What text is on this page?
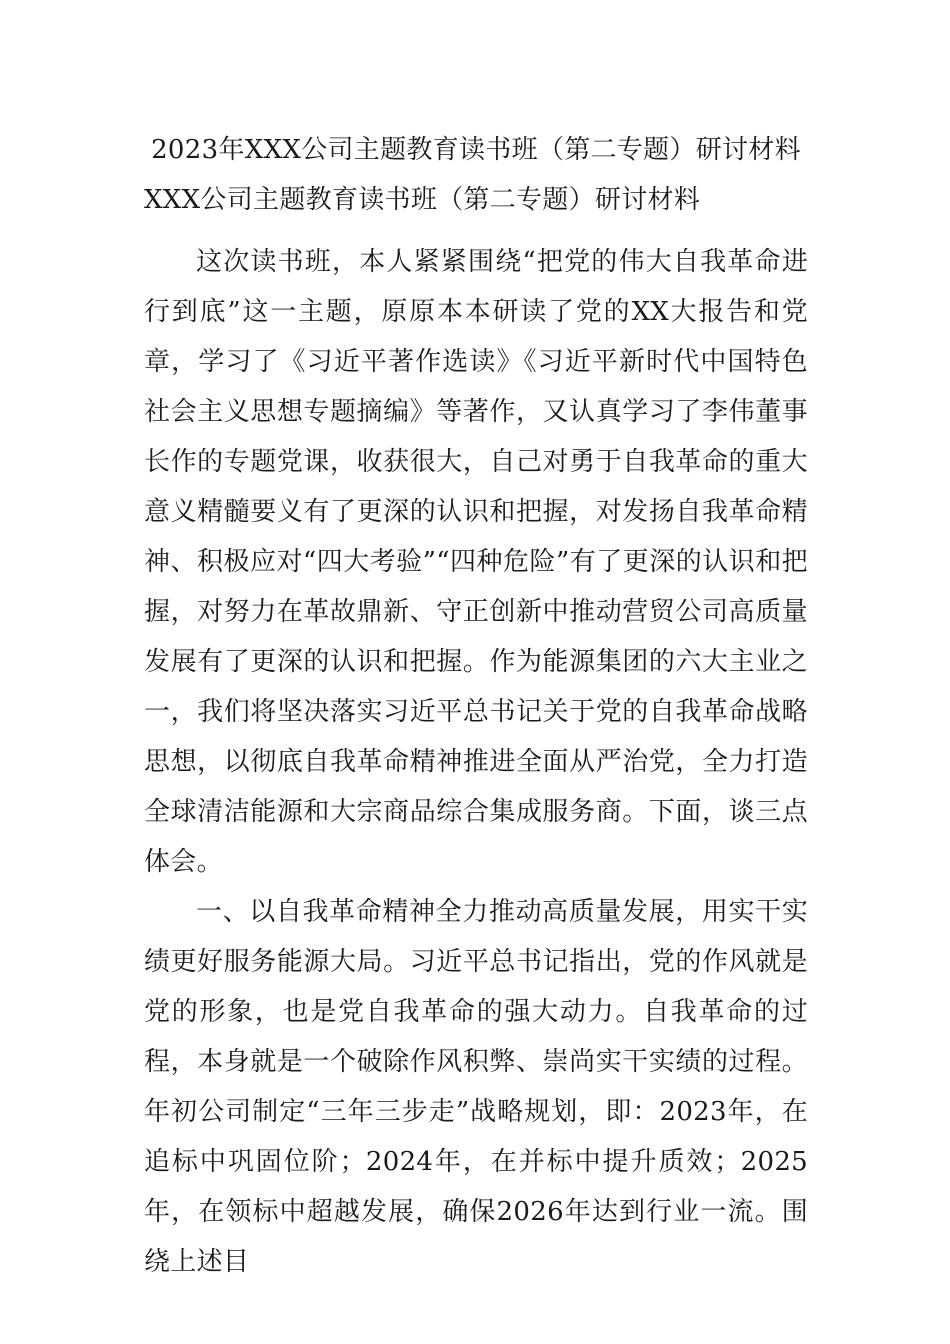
2023年XXX公司主题教育读书班（第二专题）研讨材料
XXX公司主题教育读书班（第二专题）研讨材料

这次读书班，本人紧紧围绕“把党的伟大自我革命进行到底”这一主题，原原本本研读了党的XX大报告和党章，学习了《习近平著作选读》《习近平新时代中国特色社会主义思想专题摘编》等著作，又认真学习了李伟董事长作的专题党课，收获很大，自己对勇于自我革命的重大意义精髓要义有了更深的认识和把握，对发扬自我革命精神、积极应对“四大考验”“四种危险”有了更深的认识和把握，对努力在革故鼎新、守正创新中推动营贸公司高质量发展有了更深的认识和把握。作为能源集团的六大主业之一，我们将坚决落实习近平总书记关于党的自我革命战略思想，以彻底自我革命精神推进全面从严治党，全力打造全球清洁能源和大宗商品综合集成服务商。下面，谈三点体会。

一、以自我革命精神全力推动高质量发展，用实干实绩更好服务能源大局。习近平总书记指出，党的作风就是党的形象，也是党自我革命的强大动力。自我革命的过程，本身就是一个破除作风积弊、崇尚实干实绩的过程。年初公司制定“三年三步走”战略规划，即：2023年，在追标中巩固位阶；2024年，在并标中提升质效；2025年，在领标中超越发展，确保2026年达到行业一流。围绕上述目
